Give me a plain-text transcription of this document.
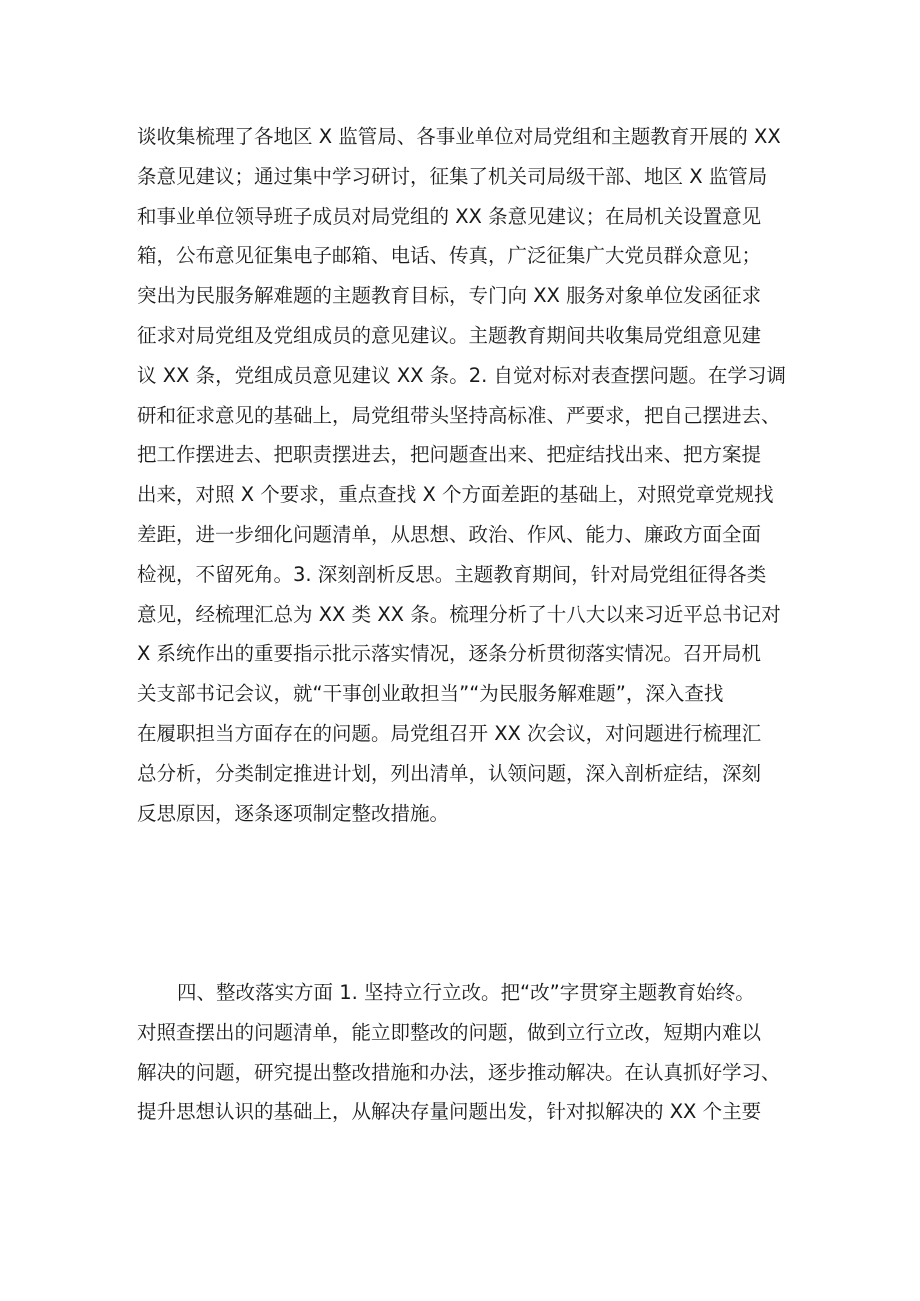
谈收集梳理了各地区 X 监管局、各事业单位对局党组和主题教育开展的 XX
条意见建议；通过集中学习研讨，征集了机关司局级干部、地区 X 监管局
和事业单位领导班子成员对局党组的 XX 条意见建议；在局机关设置意见
箱，公布意见征集电子邮箱、电话、传真，广泛征集广大党员群众意见；
突出为民服务解难题的主题教育目标，专门向 XX 服务对象单位发函征求
征求对局党组及党组成员的意见建议。主题教育期间共收集局党组意见建
议 XX 条，党组成员意见建议 XX 条。2. 自觉对标对表查摆问题。在学习调
研和征求意见的基础上，局党组带头坚持高标准、严要求，把自己摆进去、
把工作摆进去、把职责摆进去，把问题查出来、把症结找出来、把方案提
出来，对照 X 个要求，重点查找 X 个方面差距的基础上，对照党章党规找
差距，进一步细化问题清单，从思想、政治、作风、能力、廉政方面全面
检视，不留死角。3. 深刻剖析反思。主题教育期间，针对局党组征得各类
意见，经梳理汇总为 XX 类 XX 条。梳理分析了十八大以来习近平总书记对
X 系统作出的重要指示批示落实情况，逐条分析贯彻落实情况。召开局机
关支部书记会议，就“干事创业敢担当”“为民服务解难题”，深入查找
在履职担当方面存在的问题。局党组召开 XX 次会议，对问题进行梳理汇
总分析，分类制定推进计划，列出清单，认领问题，深入剖析症结，深刻
反思原因，逐条逐项制定整改措施。
四、整改落实方面 1. 坚持立行立改。把“改”字贯穿主题教育始终。
对照查摆出的问题清单，能立即整改的问题，做到立行立改，短期内难以
解决的问题，研究提出整改措施和办法，逐步推动解决。在认真抓好学习、
提升思想认识的基础上，从解决存量问题出发，针对拟解决的 XX 个主要
